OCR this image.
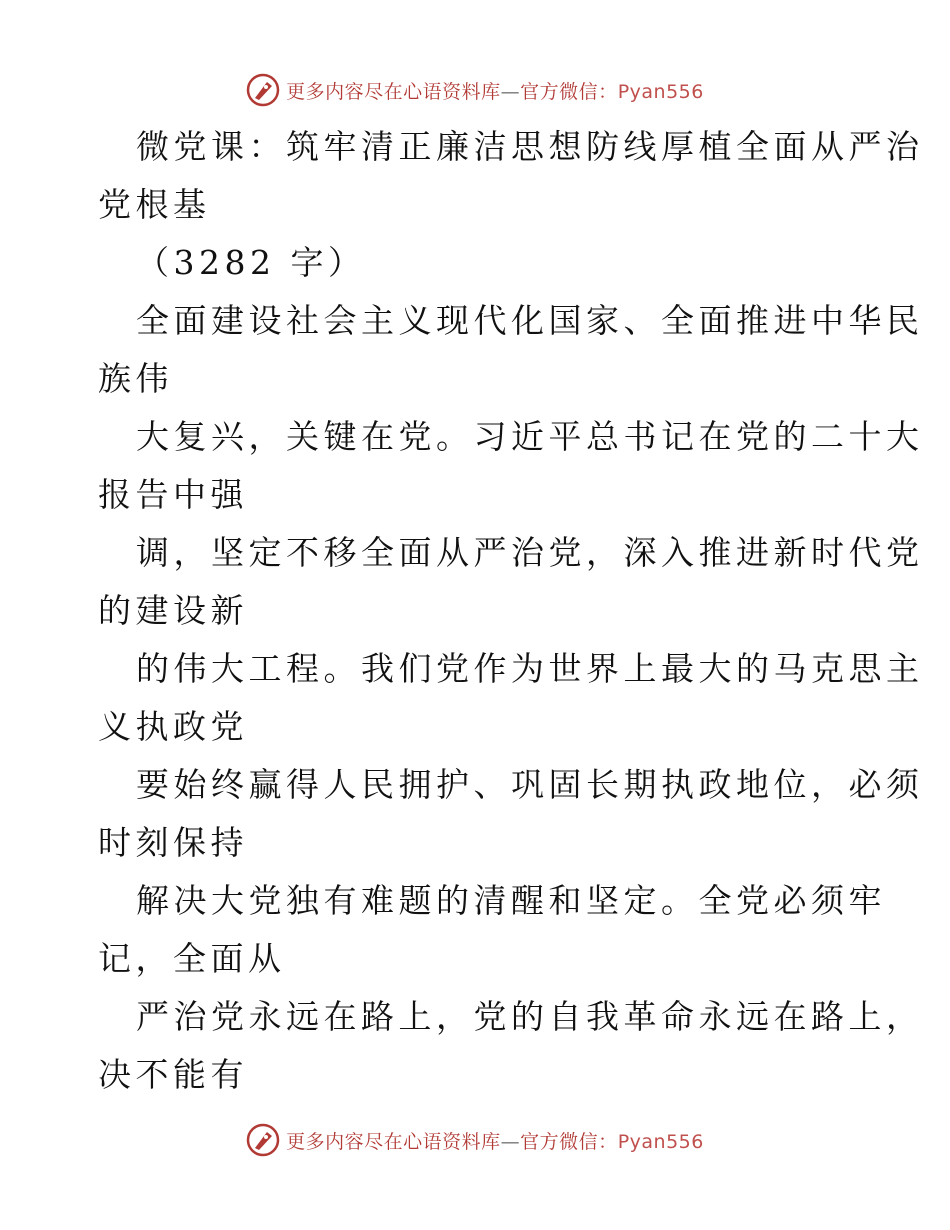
更多内容尽在心语资料库—官方微信：Pyan556
微党课：筑牢清正廉洁思想防线厚植全面从严治
党根基
（3282 字）
全面建设社会主义现代化国家、全面推进中华民
族伟
大复兴，关键在党。习近平总书记在党的二十大
报告中强
调，坚定不移全面从严治党，深入推进新时代党
的建设新
的伟大工程。我们党作为世界上最大的马克思主
义执政党
要始终赢得人民拥护、巩固长期执政地位，必须
时刻保持
解决大党独有难题的清醒和坚定。全党必须牢
记，全面从
严治党永远在路上，党的自我革命永远在路上，
决不能有
更多内容尽在心语资料库—官方微信：Pyan556
